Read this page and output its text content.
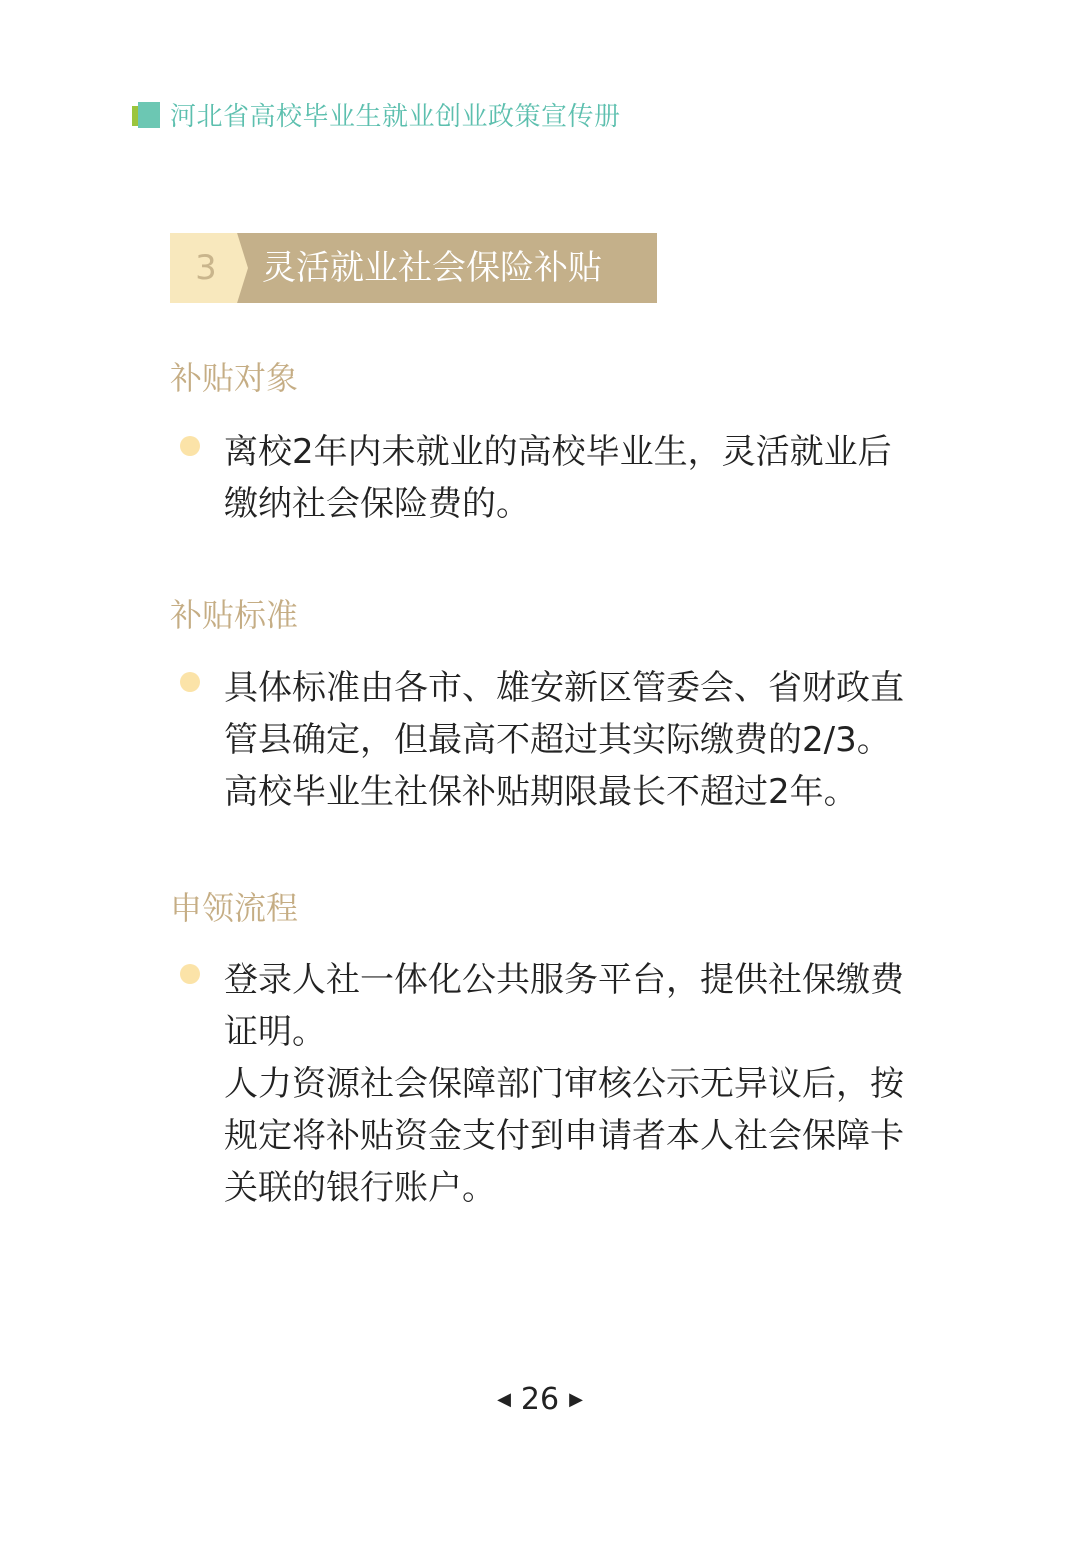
河北省高校毕业生就业创业政策宣传册
3	灵活就业社会保险补贴
补贴对象

离校2年内未就业的高校毕业生，灵活就业后

缴纳社会保险费的。

补贴标准

具体标准由各市、雄安新区管委会、省财政直

管县确定，但最高不超过其实际缴费的2/3。

高校毕业生社保补贴期限最长不超过2年。

申领流程

登录人社一体化公共服务平台，提供社保缴费

证明。

人力资源社会保障部门审核公示无异议后，按

规定将补贴资金支付到申请者本人社会保障卡

关联的银行账户。

◀ 26 ▶
